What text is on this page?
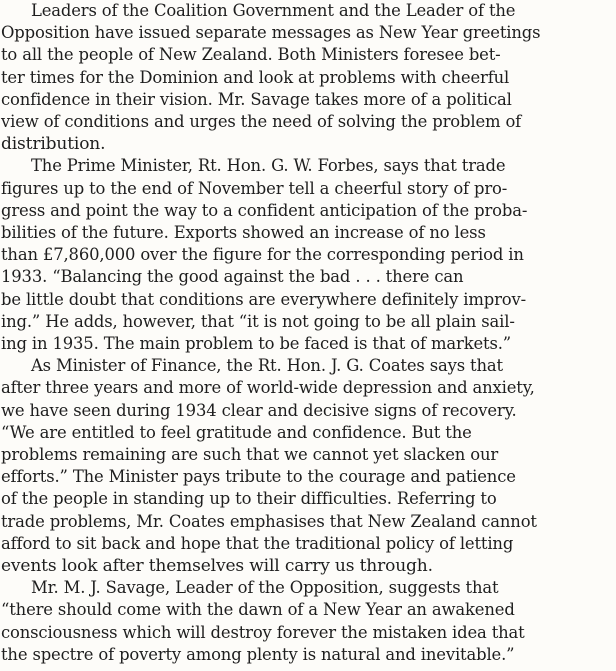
Leaders of the Coalition Government and the Leader of the
Opposition have issued separate messages as New Year greetings
to all the people of New Zealand. Both Ministers foresee bet-
ter times for the Dominion and look at problems with cheerful
confidence in their vision. Mr. Savage takes more of a political
view of conditions and urges the need of solving the problem of
distribution.
The Prime Minister, Rt. Hon. G. W. Forbes, says that trade
figures up to the end of November tell a cheerful story of pro-
gress and point the way to a confident anticipation of the proba-
bilities of the future. Exports showed an increase of no less
than £7,860,000 over the figure for the corresponding period in
1933. “Balancing the good against the bad . . . there can
be little doubt that conditions are everywhere definitely improv-
ing.” He adds, however, that “it is not going to be all plain sail-
ing in 1935. The main problem to be faced is that of markets.”
As Minister of Finance, the Rt. Hon. J. G. Coates says that
after three years and more of world-wide depression and anxiety,
we have seen during 1934 clear and decisive signs of recovery.
“We are entitled to feel gratitude and confidence. But the
problems remaining are such that we cannot yet slacken our
efforts.” The Minister pays tribute to the courage and patience
of the people in standing up to their difficulties. Referring to
trade problems, Mr. Coates emphasises that New Zealand cannot
afford to sit back and hope that the traditional policy of letting
events look after themselves will carry us through.
Mr. M. J. Savage, Leader of the Opposition, suggests that
“there should come with the dawn of a New Year an awakened
consciousness which will destroy forever the mistaken idea that
the spectre of poverty among plenty is natural and inevitable.”
